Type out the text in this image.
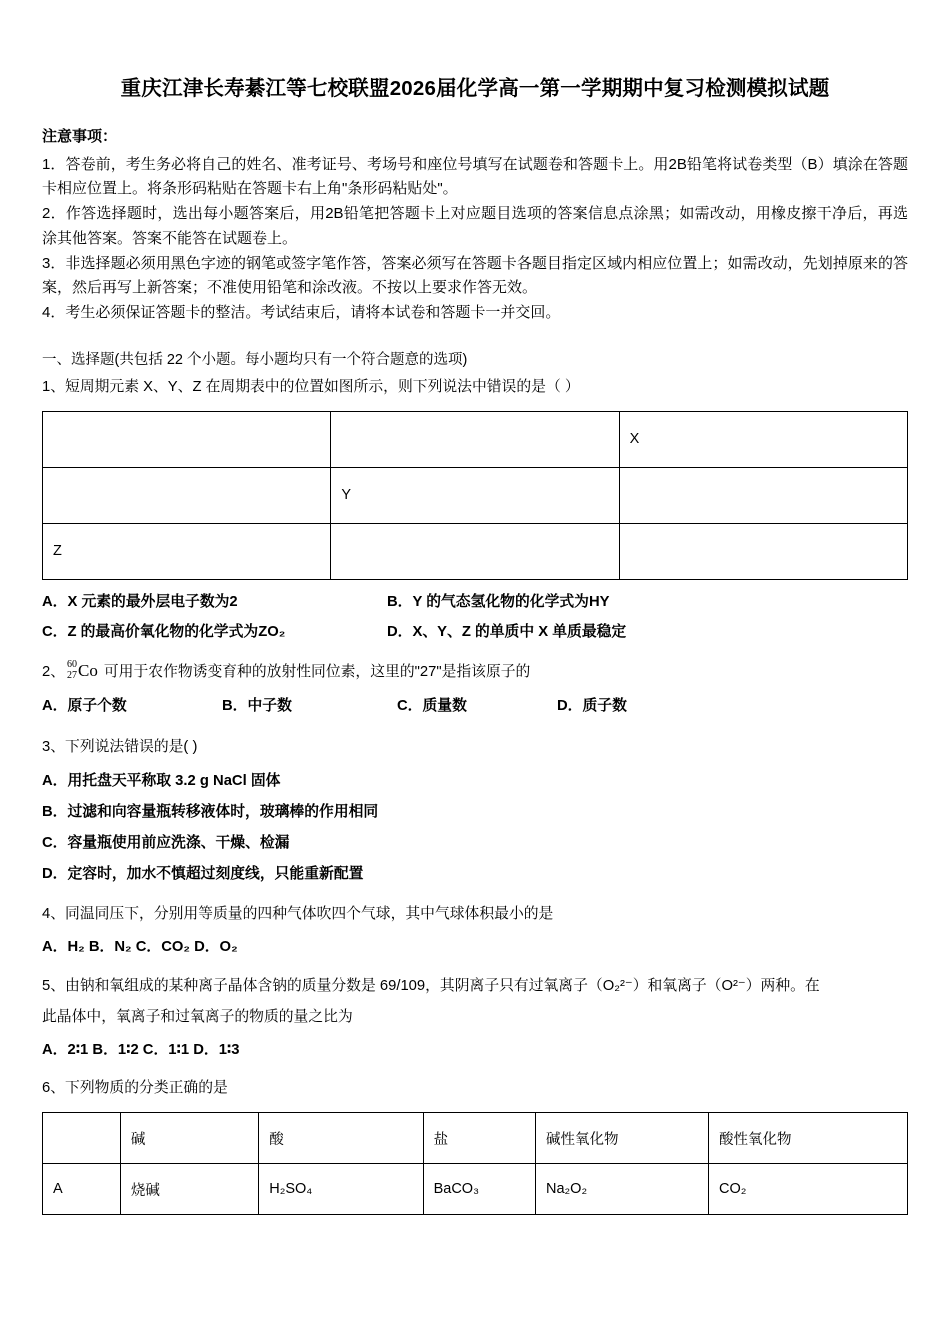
重庆江津长寿綦江等七校联盟2026届化学高一第一学期期中复习检测模拟试题
注意事项：

1．答卷前，考生务必将自己的姓名、准考证号、考场号和座位号填写在试题卷和答题卡上。用2B铅笔将试卷类型（B）填涂在答题卡相应位置上。将条形码粘贴在答题卡右上角"条形码粘贴处"。

2．作答选择题时，选出每小题答案后，用2B铅笔把答题卡上对应题目选项的答案信息点涂黑；如需改动，用橡皮擦干净后，再选涂其他答案。答案不能答在试题卷上。

3．非选择题必须用黑色字迹的钢笔或签字笔作答，答案必须写在答题卡各题目指定区域内相应位置上；如需改动，先划掉原来的答案，然后再写上新答案；不准使用铅笔和涂改液。不按以上要求作答无效。

4．考生必须保证答题卡的整洁。考试结束后，请将本试卷和答题卡一并交回。

一、选择题(共包括 22 个小题。每小题均只有一个符合题意的选项)
1、短周期元素 X、Y、Z 在周期表中的位置如图所示，则下列说法中错误的是（ ）
		X
	Y	
Z		
A．X 元素的最外层电子数为2	B．Y 的气态氢化物的化学式为HY
C．Z 的最高价氧化物的化学式为ZO₂	D．X、Y、Z 的单质中 X 单质最稳定
2、 60
27Co 可用于农作物诱变育种的放射性同位素，这里的"27"是指该原子的
A．原子个数	B．中子数	C．质量数	D．质子数
3、下列说法错误的是( )
A．用托盘天平称取 3.2 g NaCl 固体
B．过滤和向容量瓶转移液体时，玻璃棒的作用相同
C．容量瓶使用前应洗涤、干燥、检漏
D．定容时，加水不慎超过刻度线，只能重新配置
4、同温同压下，分别用等质量的四种气体吹四个气球，其中气球体积最小的是
A．H₂ B．N₂ C．CO₂ D．O₂
5、由钠和氧组成的某种离子晶体含钠的质量分数是 69/109，其阴离子只有过氧离子（O₂²⁻）和氧离子（O²⁻）两种。在
此晶体中，氧离子和过氧离子的物质的量之比为
A．2∶1 B．1∶2 C．1∶1 D．1∶3
6、下列物质的分类正确的是
	碱	酸	盐	碱性氧化物	酸性氧化物
A	烧碱	H₂SO₄	BaCO₃	Na₂O₂	CO₂
